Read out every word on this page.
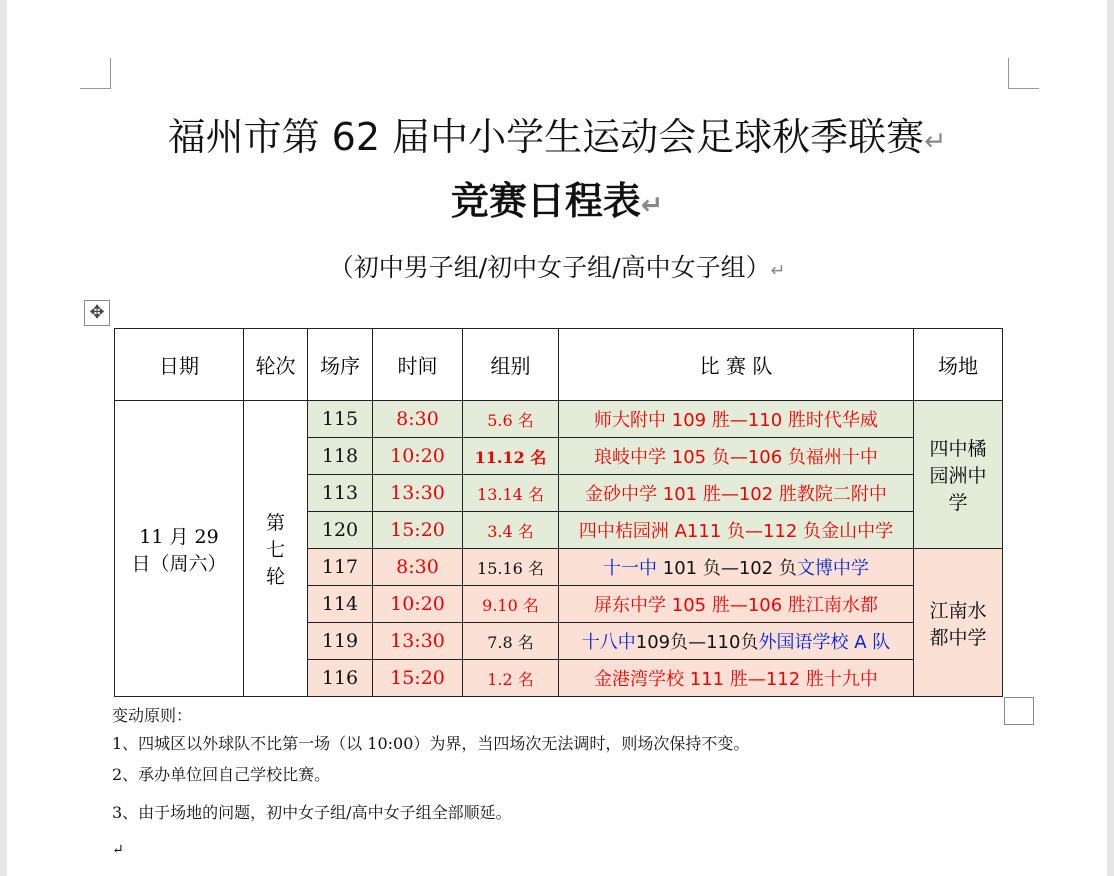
福州市第 62 届中小学生运动会足球秋季联赛↵
竞赛日程表↵
（初中男子组/初中女子组/高中女子组）↵
✥
日期	轮次	场序	时间	组别	比 赛 队	场地
11 月 29 日（周六）	第七轮	115	8:30	5.6 名	师大附中 109 胜—110 胜时代华威	四中橘园洲中学
		118	10:20	11.12 名	琅岐中学 105 负—106 负福州十中	
		113	13:30	13.14 名	金砂中学 101 胜—102 胜教院二附中	
		120	15:20	3.4 名	四中桔园洲 A111 负—112 负金山中学	
		117	8:30	15.16 名	十一中 101 负—102 负文博中学	江南水都中学
		114	10:20	9.10 名	屏东中学 105 胜—106 胜江南水都	
		119	13:30	7.8 名	十八中109负—110负外国语学校 A 队	
		116	15:20	1.2 名	金港湾学校 111 胜—112 胜十九中	
变动原则：
1、四城区以外球队不比第一场（以 10:00）为界，当四场次无法调时，则场次保持不变。
2、承办单位回自己学校比赛。
3、由于场地的问题，初中女子组/高中女子组全部顺延。
↵
